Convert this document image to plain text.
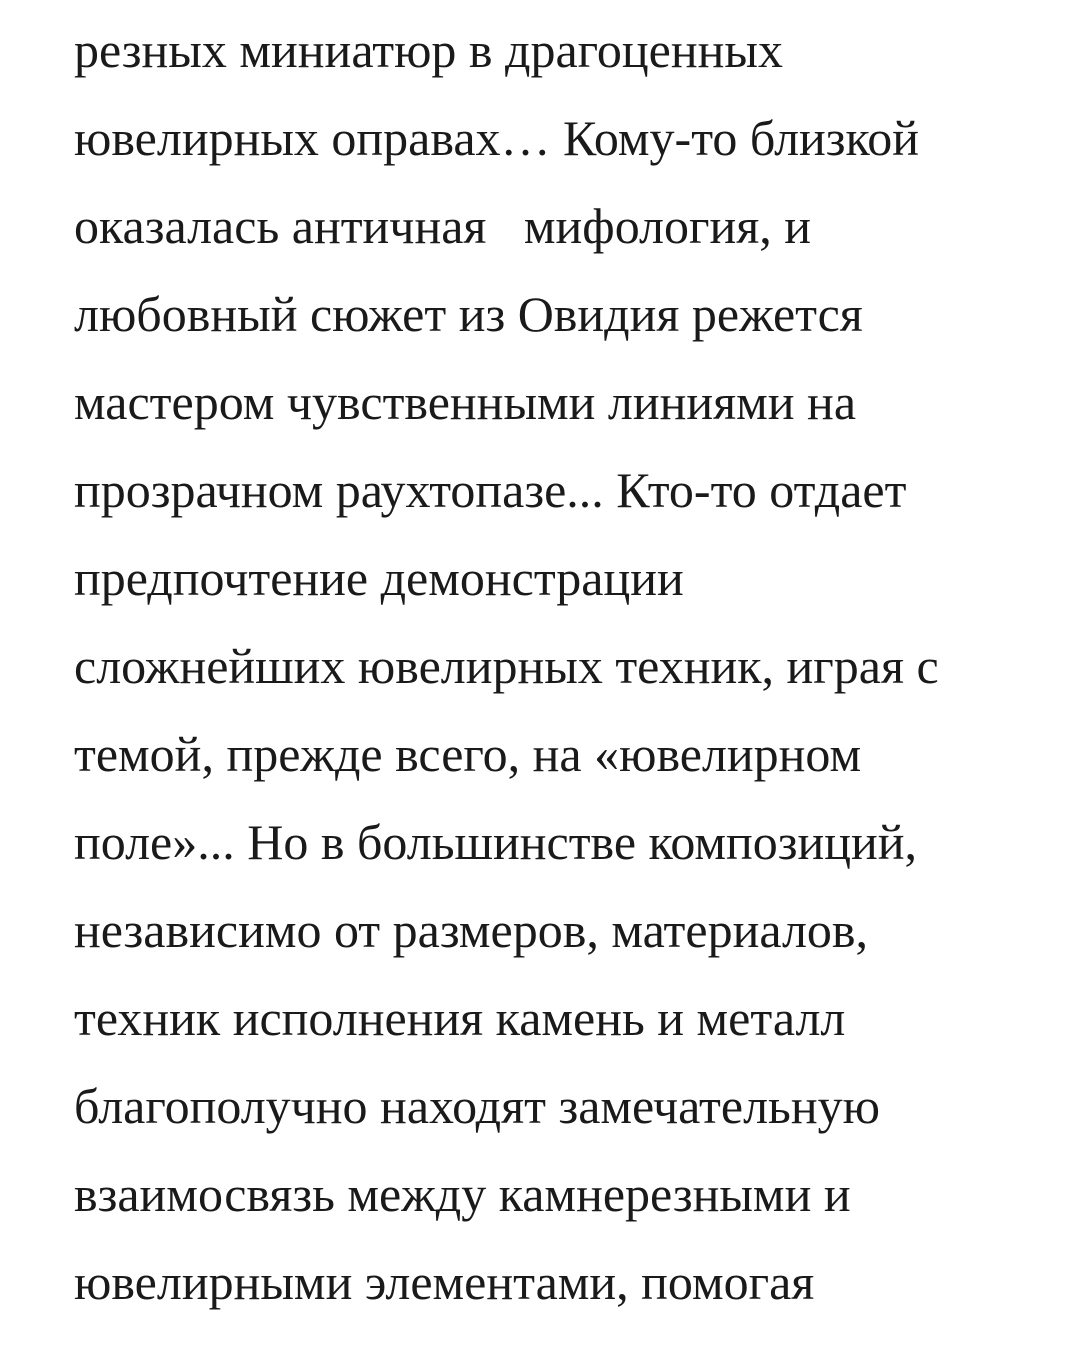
резных миниатюр в драгоценных
ювелирных оправах… Кому-то близкой
оказалась античная   мифология, и
любовный сюжет из Овидия режется
мастером чувственными линиями на
прозрачном раухтопазе... Кто-то отдает
предпочтение демонстрации
сложнейших ювелирных техник, играя с
темой, прежде всего, на «ювелирном
поле»... Но в большинстве композиций,
независимо от размеров, материалов,
техник исполнения камень и металл
благополучно находят замечательную
взаимосвязь между камнерезными и
ювелирными элементами, помогая
